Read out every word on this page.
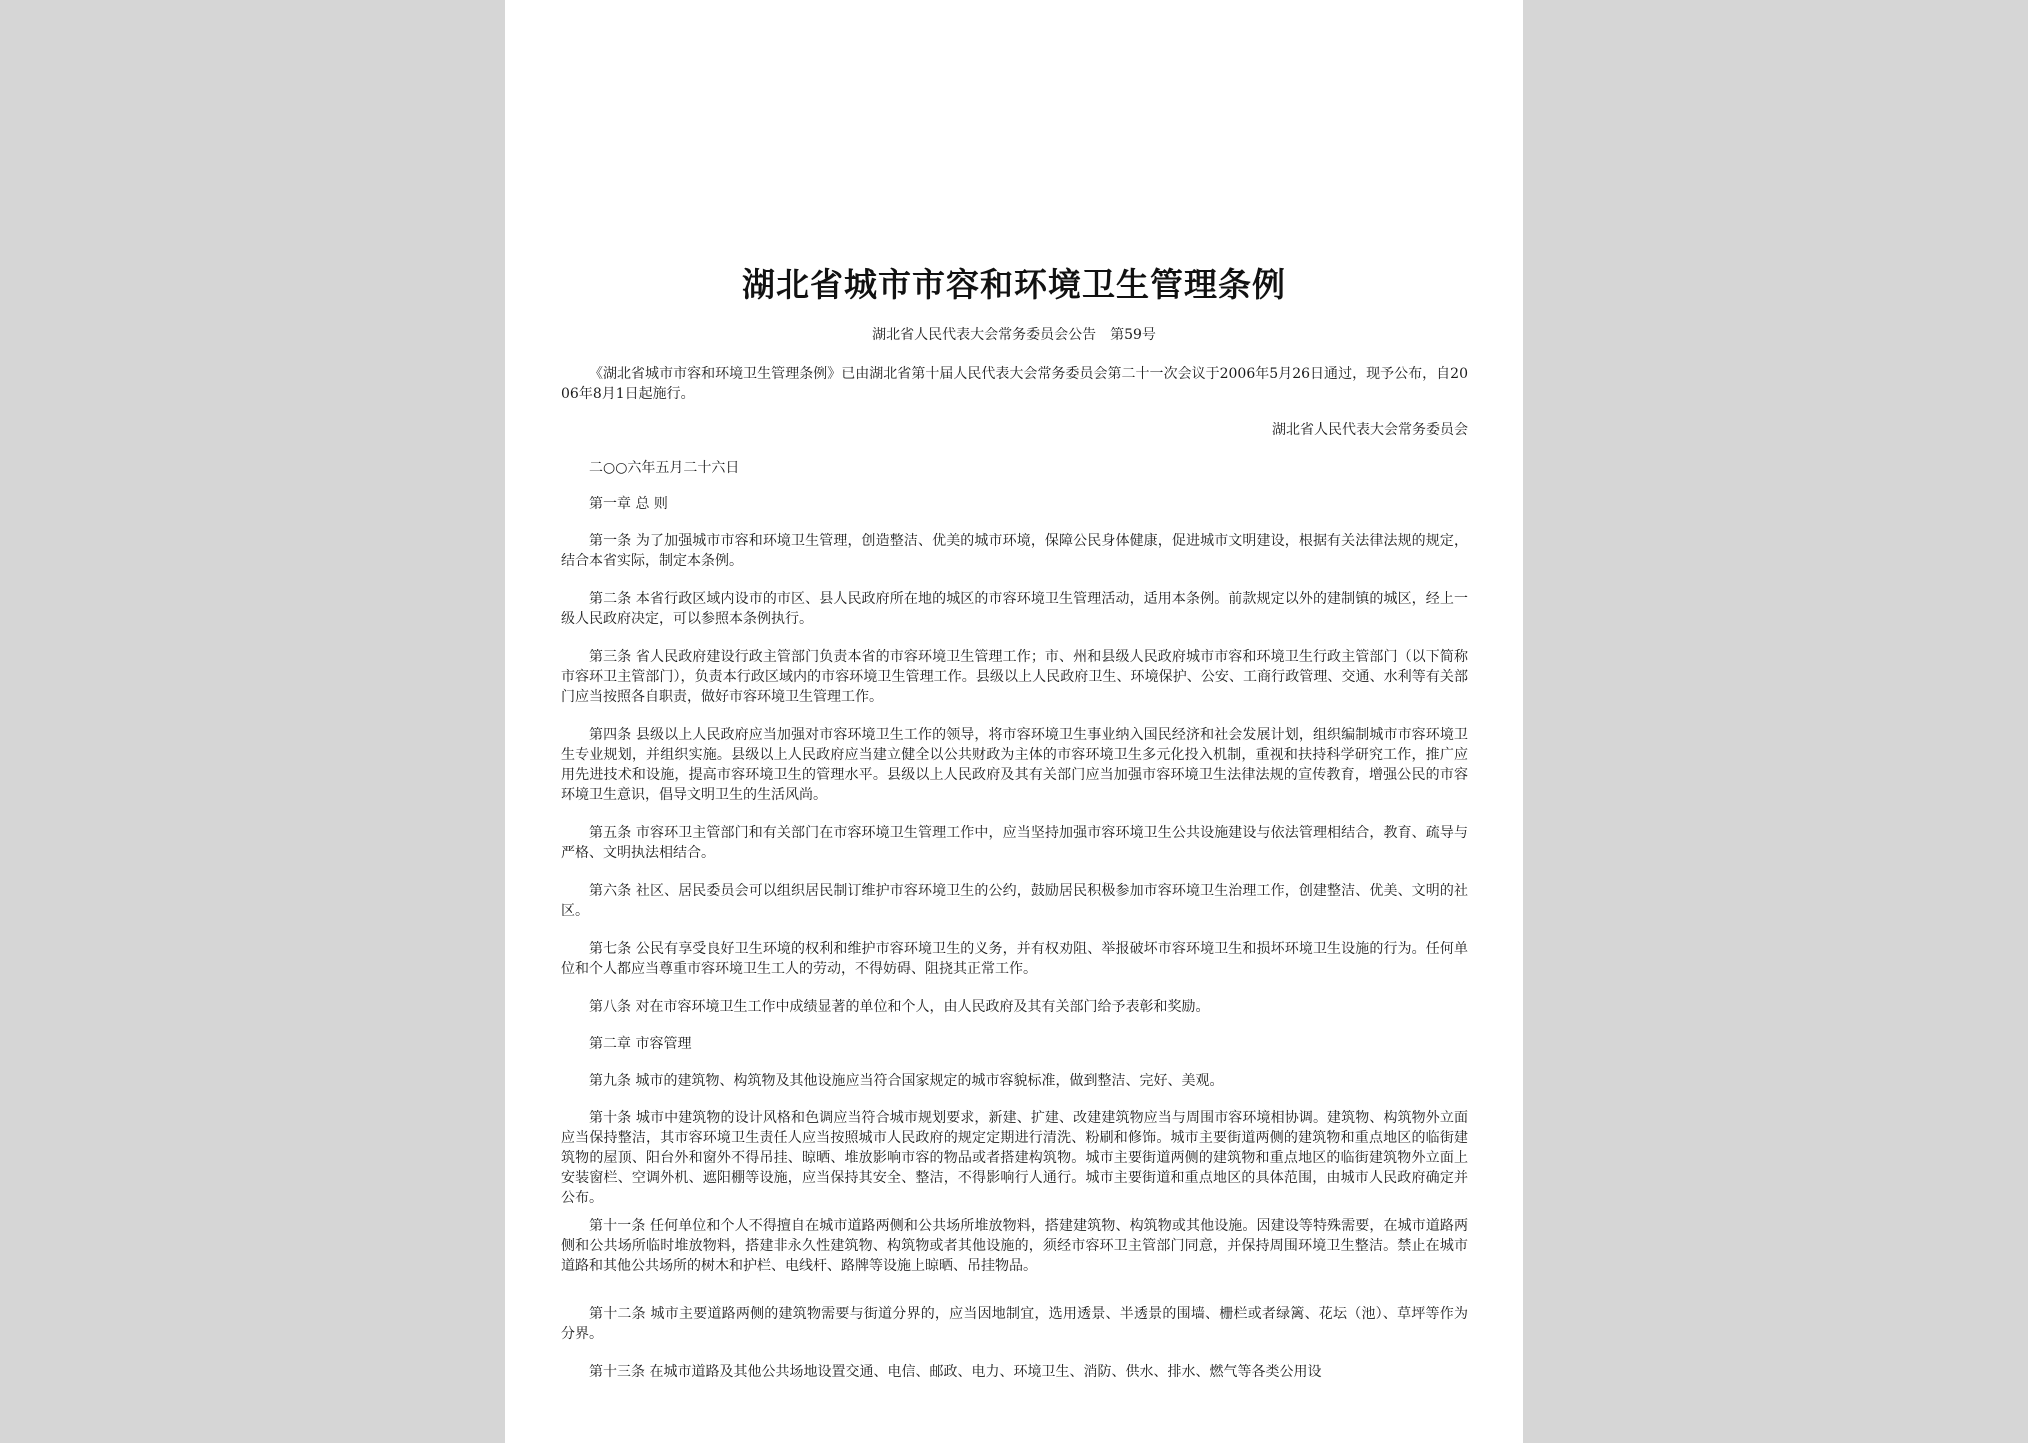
湖北省城市市容和环境卫生管理条例
湖北省人民代表大会常务委员会公告　第59号
《湖北省城市市容和环境卫生管理条例》已由湖北省第十届人民代表大会常务委员会第二十一次会议于2006年5月26日通过，现予公布，自2006年8月1日起施行。
湖北省人民代表大会常务委员会
二○○六年五月二十六日
第一章 总 则
第一条 为了加强城市市容和环境卫生管理，创造整洁、优美的城市环境，保障公民身体健康，促进城市文明建设，根据有关法律法规的规定，结合本省实际，制定本条例。
第二条 本省行政区域内设市的市区、县人民政府所在地的城区的市容环境卫生管理活动，适用本条例。前款规定以外的建制镇的城区，经上一级人民政府决定，可以参照本条例执行。
第三条 省人民政府建设行政主管部门负责本省的市容环境卫生管理工作；市、州和县级人民政府城市市容和环境卫生行政主管部门（以下简称市容环卫主管部门），负责本行政区域内的市容环境卫生管理工作。县级以上人民政府卫生、环境保护、公安、工商行政管理、交通、水利等有关部门应当按照各自职责，做好市容环境卫生管理工作。
第四条 县级以上人民政府应当加强对市容环境卫生工作的领导，将市容环境卫生事业纳入国民经济和社会发展计划，组织编制城市市容环境卫生专业规划，并组织实施。县级以上人民政府应当建立健全以公共财政为主体的市容环境卫生多元化投入机制，重视和扶持科学研究工作，推广应用先进技术和设施，提高市容环境卫生的管理水平。县级以上人民政府及其有关部门应当加强市容环境卫生法律法规的宣传教育，增强公民的市容环境卫生意识，倡导文明卫生的生活风尚。
第五条 市容环卫主管部门和有关部门在市容环境卫生管理工作中，应当坚持加强市容环境卫生公共设施建设与依法管理相结合，教育、疏导与严格、文明执法相结合。
第六条 社区、居民委员会可以组织居民制订维护市容环境卫生的公约，鼓励居民积极参加市容环境卫生治理工作，创建整洁、优美、文明的社区。
第七条 公民有享受良好卫生环境的权利和维护市容环境卫生的义务，并有权劝阻、举报破坏市容环境卫生和损坏环境卫生设施的行为。任何单位和个人都应当尊重市容环境卫生工人的劳动，不得妨碍、阻挠其正常工作。
第八条 对在市容环境卫生工作中成绩显著的单位和个人，由人民政府及其有关部门给予表彰和奖励。
第二章 市容管理
第九条 城市的建筑物、构筑物及其他设施应当符合国家规定的城市容貌标准，做到整洁、完好、美观。
第十条 城市中建筑物的设计风格和色调应当符合城市规划要求，新建、扩建、改建建筑物应当与周围市容环境相协调。建筑物、构筑物外立面应当保持整洁，其市容环境卫生责任人应当按照城市人民政府的规定定期进行清洗、粉刷和修饰。城市主要街道两侧的建筑物和重点地区的临街建筑物的屋顶、阳台外和窗外不得吊挂、晾晒、堆放影响市容的物品或者搭建构筑物。城市主要街道两侧的建筑物和重点地区的临街建筑物外立面上安装窗栏、空调外机、遮阳棚等设施，应当保持其安全、整洁，不得影响行人通行。城市主要街道和重点地区的具体范围，由城市人民政府确定并公布。
第十一条 任何单位和个人不得擅自在城市道路两侧和公共场所堆放物料，搭建建筑物、构筑物或其他设施。因建设等特殊需要，在城市道路两侧和公共场所临时堆放物料，搭建非永久性建筑物、构筑物或者其他设施的，须经市容环卫主管部门同意，并保持周围环境卫生整洁。禁止在城市道路和其他公共场所的树木和护栏、电线杆、路牌等设施上晾晒、吊挂物品。
第十二条 城市主要道路两侧的建筑物需要与街道分界的，应当因地制宜，选用透景、半透景的围墙、栅栏或者绿篱、花坛（池）、草坪等作为分界。
第十三条 在城市道路及其他公共场地设置交通、电信、邮政、电力、环境卫生、消防、供水、排水、燃气等各类公用设
